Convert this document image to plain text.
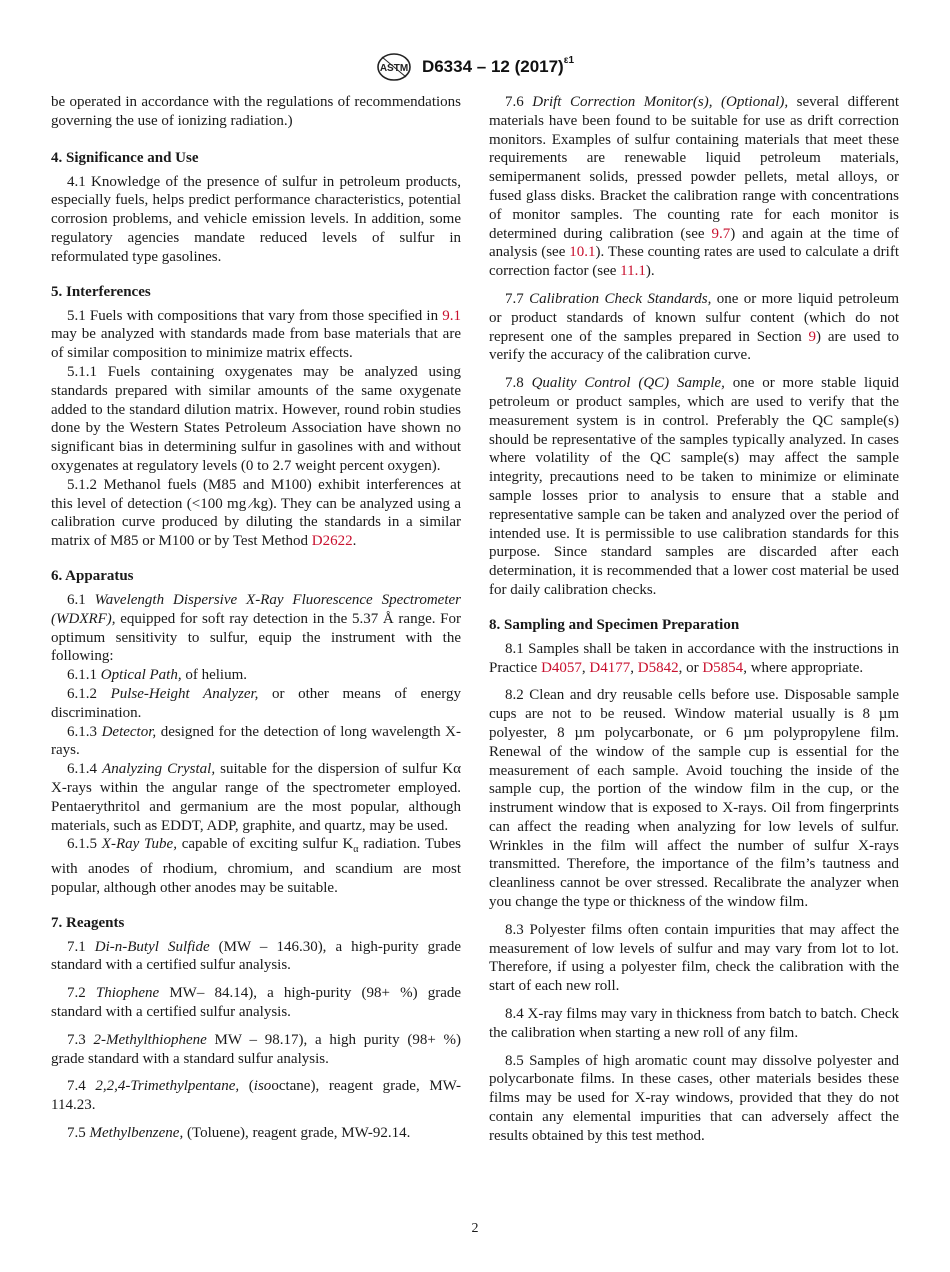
ASTM D6334 – 12 $(2017)^{\varepsilon 1}$

be operated in accordance with the regulations of recommendations governing the use of ionizing radiation.)

4. Significance and Use

4.1 Knowledge of the presence of sulfur in petroleum products, especially fuels, helps predict performance characteristics, potential corrosion problems, and vehicle emission levels. In addition, some regulatory agencies mandate reduced levels of sulfur in reformulated type gasolines.

5. Interferences

5.1 Fuels with compositions that vary from those specified in 9.1 may be analyzed with standards made from base materials that are of similar composition to minimize matrix effects.

5.1.1 Fuels containing oxygenates may be analyzed using standards prepared with similar amounts of the same oxygenate added to the standard dilution matrix. However, round robin studies done by the Western States Petroleum Association have shown no significant bias in determining sulfur in gasolines with and without oxygenates at regulatory levels (0 to 2.7 weight percent oxygen).

5.1.2 Methanol fuels (M85 and M100) exhibit interferences at this level of detection (<100 mg ⁄kg). They can be analyzed using a calibration curve produced by diluting the standards in a similar matrix of M85 or M100 or by Test Method D2622.

6. Apparatus

6.1 Wavelength Dispersive X-Ray Fluorescence Spectrometer (WDXRF), equipped for soft ray detection in the 5.37 Å range. For optimum sensitivity to sulfur, equip the instrument with the following:

6.1.1 Optical Path, of helium.

6.1.2 Pulse-Height Analyzer, or other means of energy discrimination.

6.1.3 Detector, designed for the detection of long wavelength X-rays.

6.1.4 Analyzing Crystal, suitable for the dispersion of sulfur Kα X-rays within the angular range of the spectrometer employed. Pentaerythritol and germanium are the most popular, although materials, such as EDDT, ADP, graphite, and quartz, may be used.

6.1.5 X-Ray Tube, capable of exciting sulfur $K_\alpha$ radiation. Tubes with anodes of rhodium, chromium, and scandium are most popular, although other anodes may be suitable.

7. Reagents

7.1 Di-n-Butyl Sulfide (MW – 146.30), a high-purity grade standard with a certified sulfur analysis.

7.2 Thiophene MW– 84.14), a high-purity (98+ %) grade standard with a certified sulfur analysis.

7.3 2-Methylthiophene MW – 98.17), a high purity (98+ %) grade standard with a standard sulfur analysis.

7.4 2,2,4-Trimethylpentane, (isooctane), reagent grade, MW-114.23.

7.5 Methylbenzene, (Toluene), reagent grade, MW-92.14.

7.6 Drift Correction Monitor(s), (Optional), several different materials have been found to be suitable for use as drift correction monitors. Examples of sulfur containing materials that meet these requirements are renewable liquid petroleum materials, semipermanent solids, pressed powder pellets, metal alloys, or fused glass disks. Bracket the calibration range with concentrations of monitor samples. The counting rate for each monitor is determined during calibration (see 9.7) and again at the time of analysis (see 10.1). These counting rates are used to calculate a drift correction factor (see 11.1).

7.7 Calibration Check Standards, one or more liquid petroleum or product standards of known sulfur content (which do not represent one of the samples prepared in Section 9) are used to verify the accuracy of the calibration curve.

7.8 Quality Control (QC) Sample, one or more stable liquid petroleum or product samples, which are used to verify that the measurement system is in control. Preferably the QC sample(s) should be representative of the samples typically analyzed. In cases where volatility of the QC sample(s) may affect the sample integrity, precautions need to be taken to minimize or eliminate sample losses prior to analysis to ensure that a stable and representative sample can be taken and analyzed over the period of intended use. It is permissible to use calibration standards for this purpose. Since standard samples are discarded after each determination, it is recommended that a lower cost material be used for daily calibration checks.

8. Sampling and Specimen Preparation

8.1 Samples shall be taken in accordance with the instructions in Practice D4057, D4177, D5842, or D5854, where appropriate.

8.2 Clean and dry reusable cells before use. Disposable sample cups are not to be reused. Window material usually is 8 µm polyester, 8 µm polycarbonate, or 6 µm polypropylene film. Renewal of the window of the sample cup is essential for the measurement of each sample. Avoid touching the inside of the sample cup, the portion of the window film in the cup, or the instrument window that is exposed to X-rays. Oil from fingerprints can affect the reading when analyzing for low levels of sulfur. Wrinkles in the film will affect the number of sulfur X-rays transmitted. Therefore, the importance of the film’s tautness and cleanliness cannot be over stressed. Recalibrate the analyzer when you change the type or thickness of the window film.

8.3 Polyester films often contain impurities that may affect the measurement of low levels of sulfur and may vary from lot to lot. Therefore, if using a polyester film, check the calibration with the start of each new roll.

8.4 X-ray films may vary in thickness from batch to batch. Check the calibration when starting a new roll of any film.

8.5 Samples of high aromatic count may dissolve polyester and polycarbonate films. In these cases, other materials besides these films may be used for X-ray windows, provided that they do not contain any elemental impurities that can adversely affect the results obtained by this test method.

2
